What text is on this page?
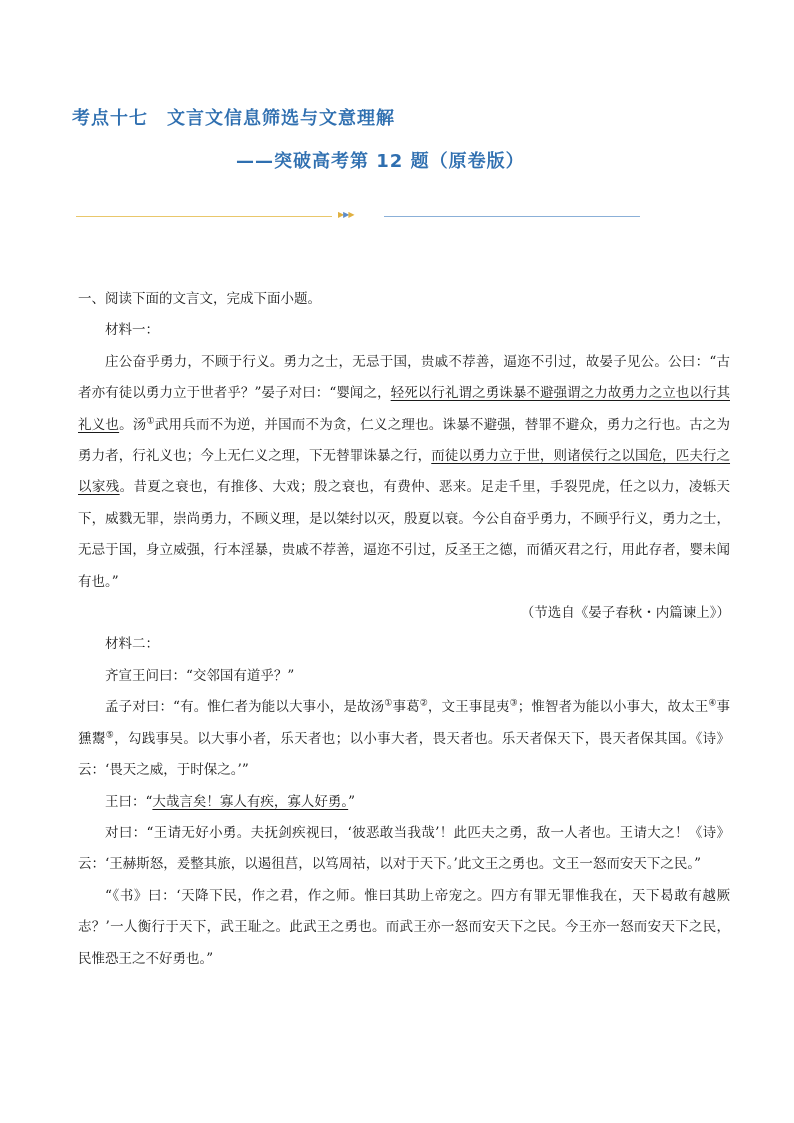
考点十七　文言文信息筛选与文意理解
——突破高考第 12 题（原卷版）
▶▶▶
一、阅读下面的文言文，完成下面小题。

材料一：

庄公奋乎勇力，不顾于行义。勇力之士，无忌于国，贵戚不荐善，逼迩不引过，故晏子见公。公曰：“古者亦有徒以勇力立于世者乎？”晏子对曰：“婴闻之，轻死以行礼谓之勇诛暴不避强谓之力故勇力之立也以行其礼义也。汤①武用兵而不为逆，并国而不为贪，仁义之理也。诛暴不避强，替罪不避众，勇力之行也。古之为勇力者，行礼义也；今上无仁义之理，下无替罪诛暴之行，而徒以勇力立于世，则诸侯行之以国危，匹夫行之以家残。昔夏之衰也，有推侈、大戏；殷之衰也，有费仲、恶来。足走千里，手裂兕虎，任之以力，凌轹天下，威戮无罪，崇尚勇力，不顾义理，是以桀纣以灭，殷夏以衰。今公自奋乎勇力，不顾乎行义，勇力之士，无忌于国，身立威强，行本淫暴，贵戚不荐善，逼迩不引过，反圣王之德，而循灭君之行，用此存者，婴未闻有也。”

（节选自《晏子春秋・内篇谏上》）

材料二：

齐宣王问曰：“交邻国有道乎？”

孟子对曰：“有。惟仁者为能以大事小，是故汤①事葛②，文王事昆夷③；惟智者为能以小事大，故太王④事獯鬻⑤，勾践事吴。以大事小者，乐天者也；以小事大者，畏天者也。乐天者保天下，畏天者保其国。《诗》云：‘畏天之威，于时保之。’”

王曰：“大哉言矣！寡人有疾，寡人好勇。”

对曰：“王请无好小勇。夫抚剑疾视曰，‘彼恶敢当我哉’！此匹夫之勇，敌一人者也。王请大之！《诗》云：‘王赫斯怒，爰整其旅，以遏徂莒，以笃周祜，以对于天下。’此文王之勇也。文王一怒而安天下之民。”

“《书》曰：‘天降下民，作之君，作之师。惟曰其助上帝宠之。四方有罪无罪惟我在，天下曷敢有越厥志？’一人衡行于天下，武王耻之。此武王之勇也。而武王亦一怒而安天下之民。今王亦一怒而安天下之民，民惟恐王之不好勇也。”
